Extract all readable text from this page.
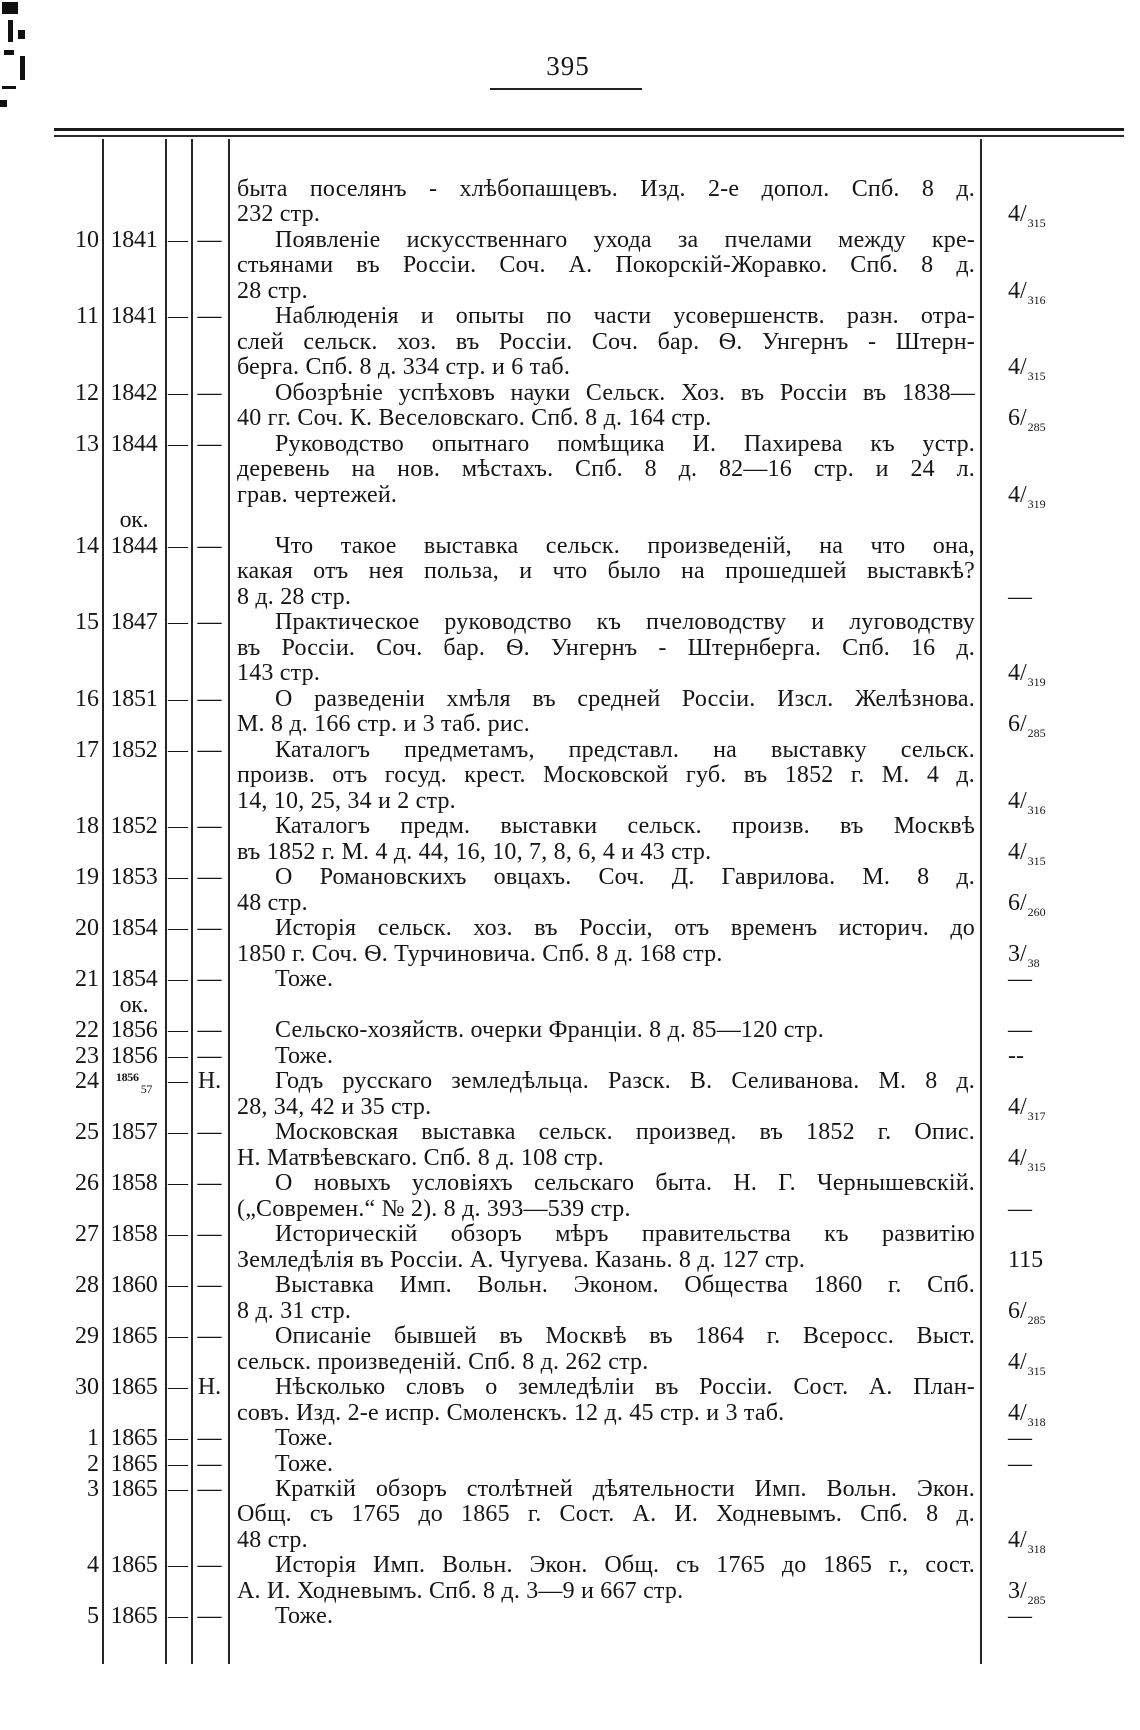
395
быта поселянъ - хлѣбопашцевъ. Изд. 2-е допол. Спб. 8 д.
232 стр.	$4/_{315}$
10 1841 — — Появленіе искусственнаго ухода за пчелами между кре-
стьянами въ Россіи. Соч. А. Покорскій-Жоравко. Спб. 8 д.
28 стр.	$4/_{316}$
11 1841 — — Наблюденія и опыты по части усовершенств. разн. отра-
слей сельск. хоз. въ Россіи. Соч. бар. Ѳ. Унгернъ - Штерн-
берга. Спб. 8 д. 334 стр. и 6 таб.	$4/_{315}$
12 1842 — — Обозрѣніе успѣховъ науки Сельск. Хоз. въ Россіи въ 1838—
40 гг. Соч. К. Веселовскаго. Спб. 8 д. 164 стр.	$6/_{285}$
13 1844 — — Руководство опытнаго помѣщика И. Пахирева къ устр.
деревень на нов. мѣстахъ. Спб. 8 д. 82—16 стр. и 24 л.
грав. чертежей.	$4/_{319}$
ок.
14 1844 — — Что такое выставка сельск. произведеній, на что она,
какая отъ нея польза, и что было на прошедшей выставкѣ?
8 д. 28 стр.	—
15 1847 — — Практическое руководство къ пчеловодству и луговодству
въ Россіи. Соч. бар. Ѳ. Унгернъ - Штернберга. Спб. 16 д.
143 стр.	$4/_{319}$
16 1851 — — О разведеніи хмѣля въ средней Россіи. Изсл. Желѣзнова.
М. 8 д. 166 стр. и 3 таб. рис.	$6/_{285}$
17 1852 — — Каталогъ предметамъ, представл. на выставку сельск.
произв. отъ госуд. крест. Московской губ. въ 1852 г. М. 4 д.
14, 10, 25, 34 и 2 стр.	$4/_{316}$
18 1852 — — Каталогъ предм. выставки сельск. произв. въ Москвѣ
въ 1852 г. М. 4 д. 44, 16, 10, 7, 8, 6, 4 и 43 стр.	$4/_{315}$
19 1853 — — О Романовскихъ овцахъ. Соч. Д. Гаврилова. М. 8 д.
48 стр.	$6/_{260}$
20 1854 — — Исторія сельск. хоз. въ Россіи, отъ временъ историч. до
1850 г. Соч. Ѳ. Турчиновича. Спб. 8 д. 168 стр.	$3/_{38}$
21 1854 — — Тоже.	—
ок.
22 1856 — — Сельско-хозяйств. очерки Франціи. 8 д. 85—120 стр.	—
23 1856 — — Тоже.	--
24	$^{1856}_{57}$ — Н. Годъ русскаго земледѣльца. Разск. В. Селиванова. М. 8 д.
28, 34, 42 и 35 стр.	$4/_{317}$
25 1857 — — Московская выставка сельск. произвед. въ 1852 г. Опис.
Н. Матвѣевскаго. Спб. 8 д. 108 стр.	$4/_{315}$
26 1858 — — О новыхъ условіяхъ сельскаго быта. Н. Г. Чернышевскій.
(„Современ.“ № 2). 8 д. 393—539 стр.	—
27 1858 — — Историческій обзоръ мѣръ правительства къ развитію
Земледѣлія въ Россіи. А. Чугуева. Казань. 8 д. 127 стр.	115
28 1860 — — Выставка Имп. Вольн. Эконом. Общества 1860 г. Спб.
8 д. 31 стр.	$6/_{285}$
29 1865 — — Описаніе бывшей въ Москвѣ въ 1864 г. Всеросс. Выст.
сельск. произведеній. Спб. 8 д. 262 стр.	$4/_{315}$
30 1865 — Н. Нѣсколько словъ о земледѣліи въ Россіи. Сост. А. План-
совъ. Изд. 2-е испр. Смоленскъ. 12 д. 45 стр. и 3 таб.	$4/_{318}$
1 1865 — — Тоже.	—
2 1865 — — Тоже.	—
3 1865 — — Краткій обзоръ столѣтней дѣятельности Имп. Вольн. Экон.
Общ. съ 1765 до 1865 г. Сост. А. И. Ходневымъ. Спб. 8 д.
48 стр.	$4/_{318}$
4 1865 — — Исторія Имп. Вольн. Экон. Общ. съ 1765 до 1865 г., сост.
А. И. Ходневымъ. Спб. 8 д. 3—9 и 667 стр.	$3/_{285}$
5 1865 — — Тоже.	—
